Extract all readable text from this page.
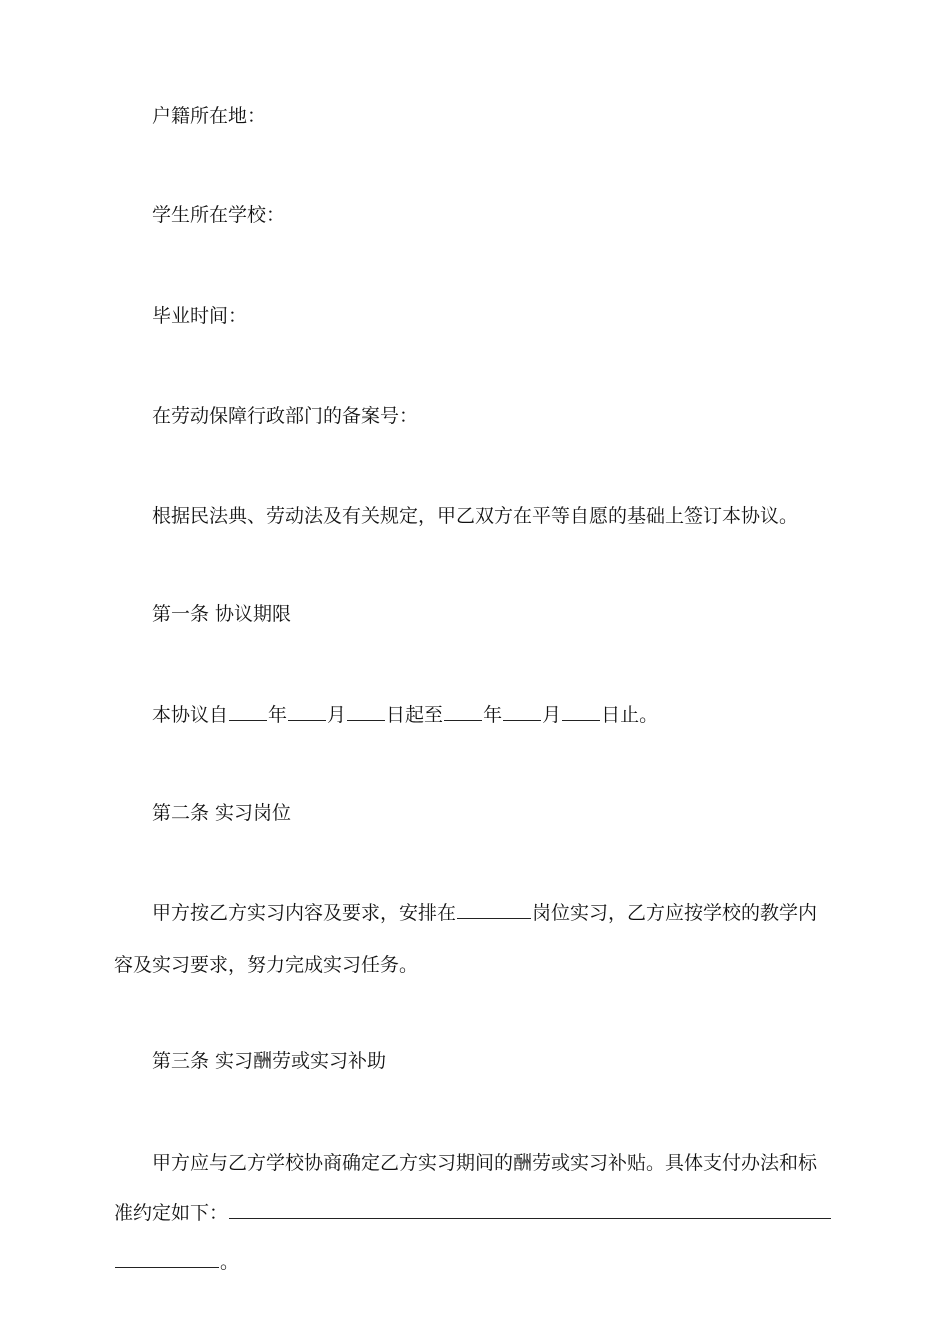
户籍所在地：
学生所在学校：
毕业时间：
在劳动保障行政部门的备案号：
根据民法典、劳动法及有关规定，甲乙双方在平等自愿的基础上签订本协议。
第一条 协议期限
本协议自 年 月 日起至 年 月 日止。
第二条 实习岗位
甲方按乙方实习内容及要求，安排在	岗位实习，乙方应按学校的教学内
容及实习要求，努力完成实习任务。
第三条 实习酬劳或实习补助
甲方应与乙方学校协商确定乙方实习期间的酬劳或实习补贴。具体支付办法和标
准约定如下：
。
